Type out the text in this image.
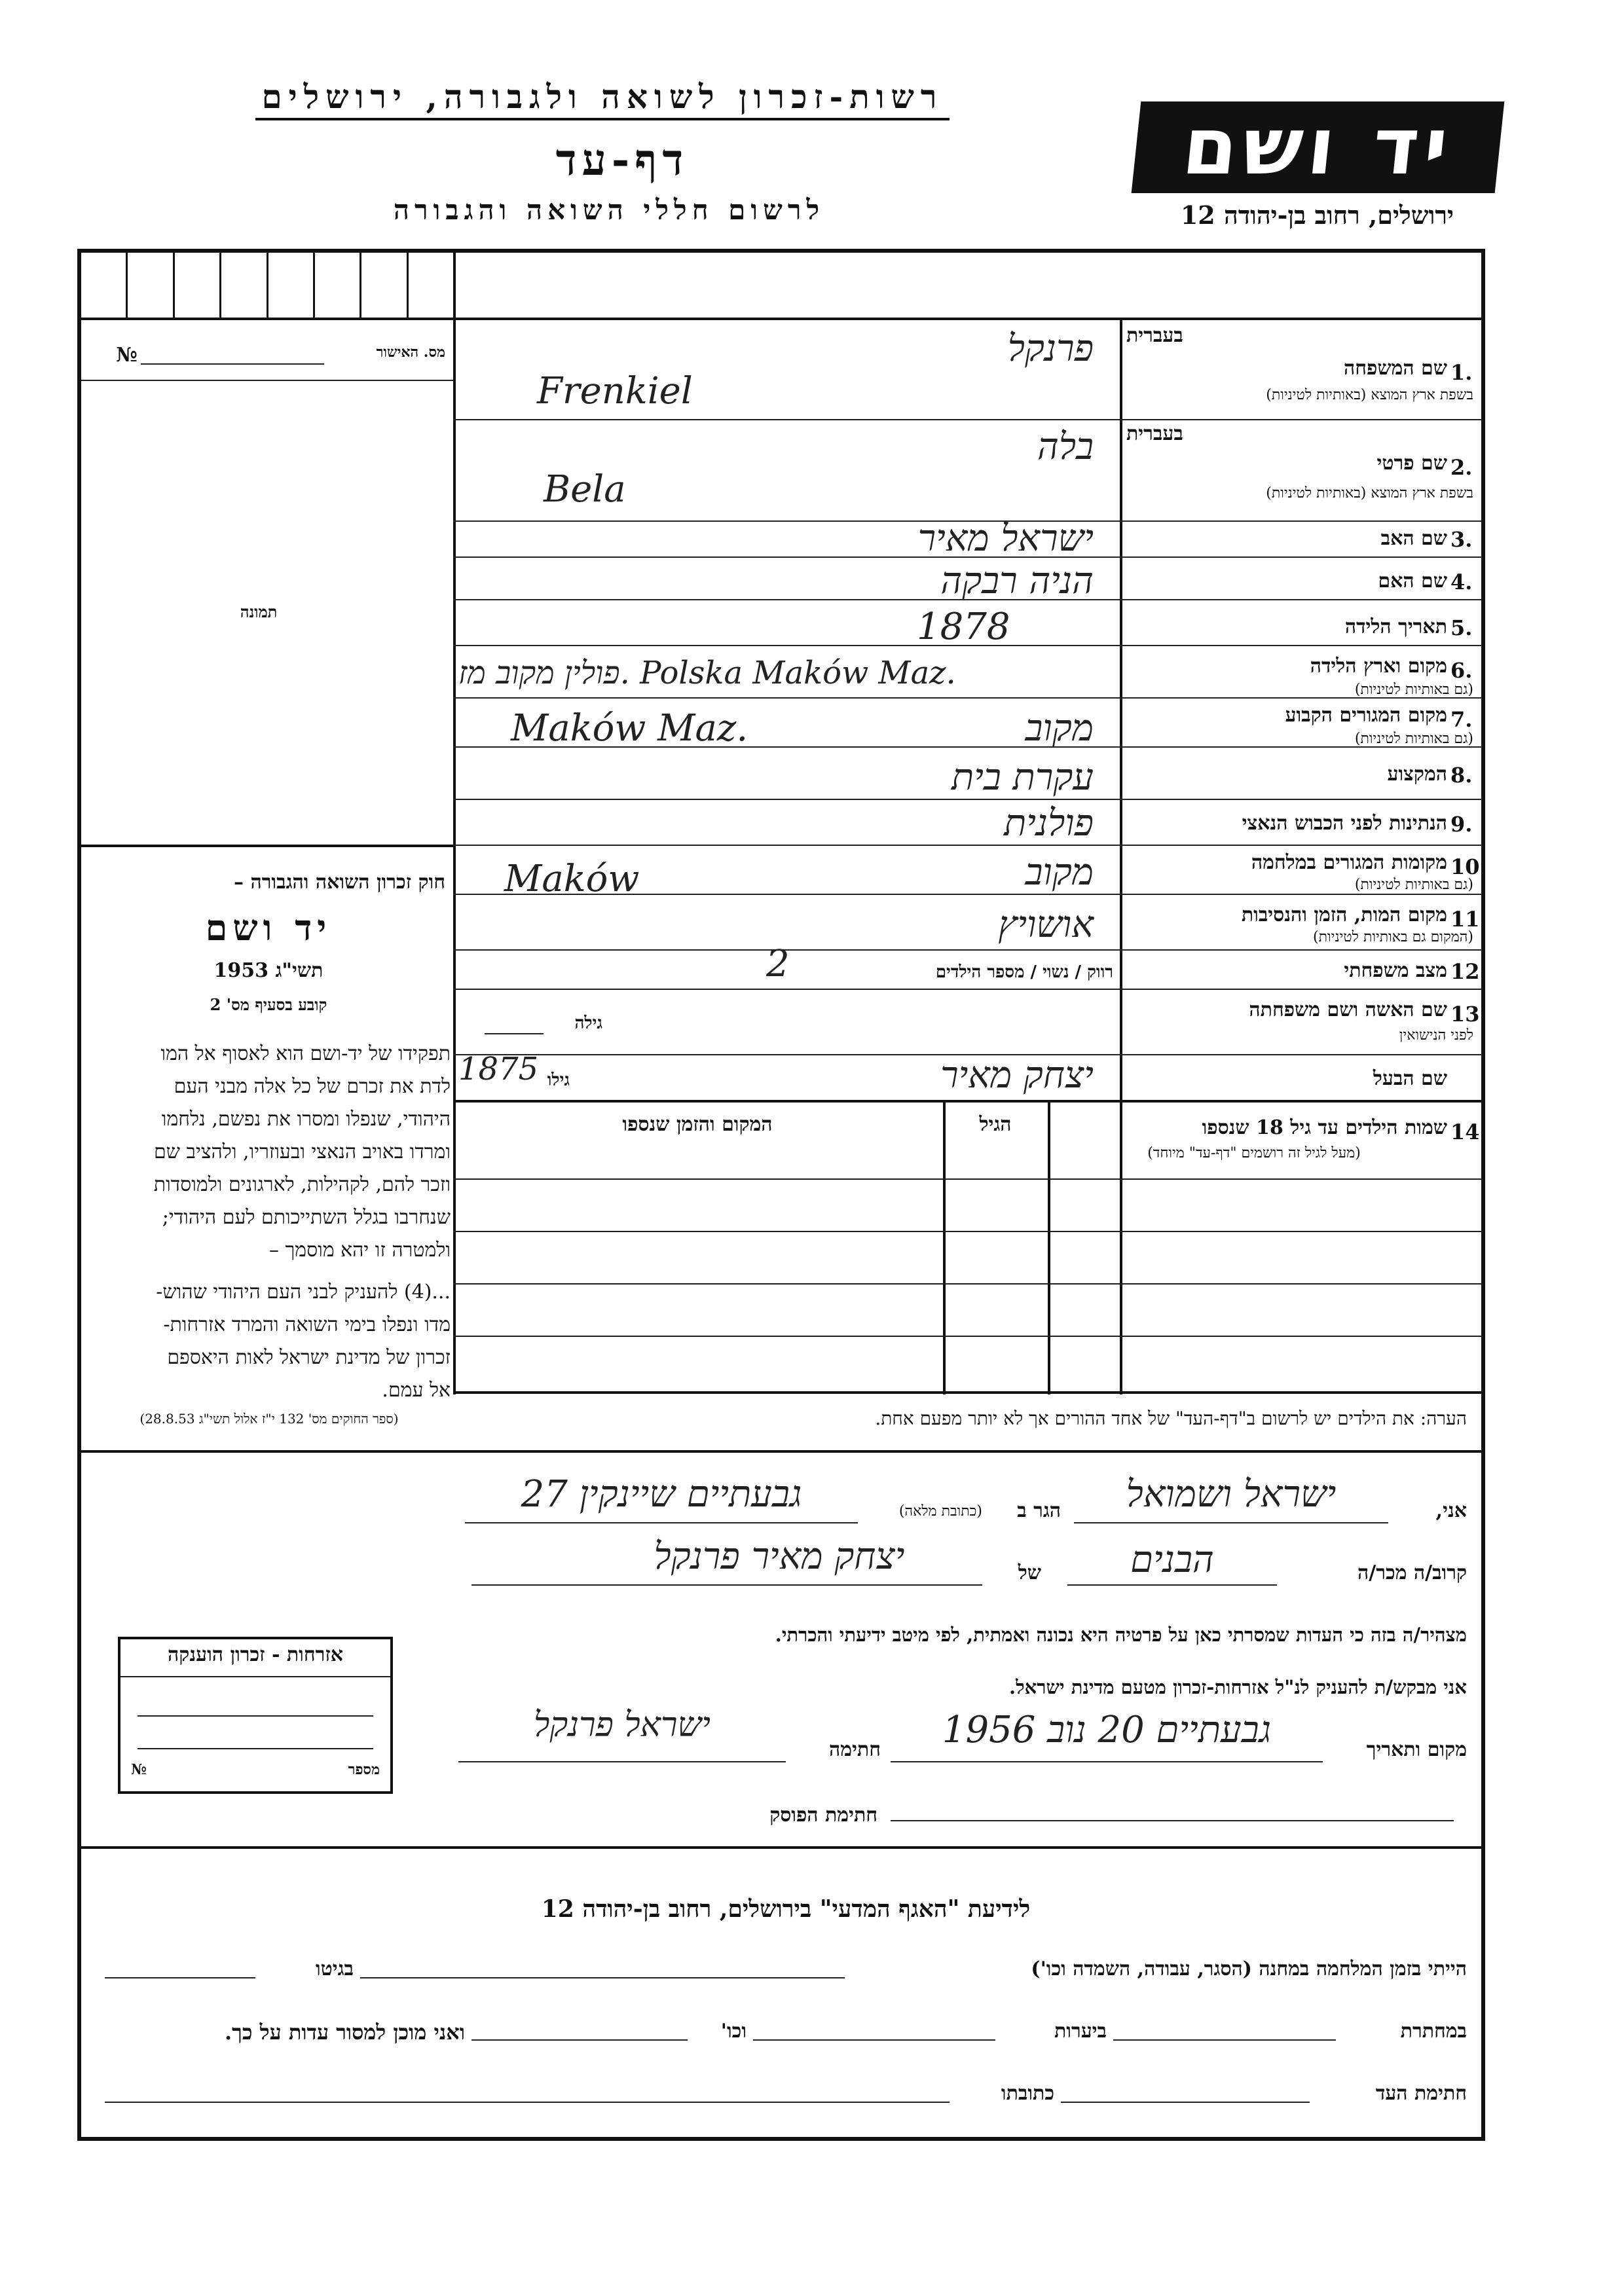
רשות-זכרון לשואה ולגבורה, ירושלים
דף-עד
לרשום חללי השואה והגבורה
יד ושם
ירושלים, רחוב בן-יהודה 12
№	מס. האישור
תמונה
חוק זכרון השואה והגבורה –
יד ושם
תשי"ג 1953
קובע בסעיף מס' 2
תפקידו של יד-ושם הוא לאסוף אל המו
לדת את זכרם של כל אלה מבני העם
היהודי, שנפלו ומסרו את נפשם, נלחמו
ומרדו באויב הנאצי ובעוזריו, ולהציב שם
וזכר להם, לקהילות, לארגונים ולמוסדות
שנחרבו בגלל השתייכותם לעם היהודי;
ולמטרה זו יהא מוסמך –
...(4) להעניק לבני העם היהודי שהוש-
מדו ונפלו בימי השואה והמרד אזרחות-
זכרון של מדינת ישראל לאות היאספם
אל עמם.
(ספר החוקים מס' 132 י"ז אלול תשי"ג 28.8.53)
בעברית
1.
שם המשפחה
בשפת ארץ המוצא (באותיות לטיניות)
פרנקל
Frenkiel
בעברית
2.
שם פרטי
בשפת ארץ המוצא (באותיות לטיניות)
בלה
Bela
3.
שם האב
ישראל מאיר
4.
שם האם
הניה רבקה
5.
תאריך הלידה
1878
6.
מקום וארץ הלידה
(גם באותיות לטיניות)
פולין מקוב מז. Polska Maków Maz.
7.
מקום המגורים הקבוע
(גם באותיות לטיניות)
מקוב
Maków Maz.
8.
המקצוע
עקרת בית
9.
הנתינות לפני הכבוש הנאצי
פולנית
10.
מקומות המגורים במלחמה
(גם באותיות לטיניות)
מקוב
Maków
11.
מקום המות, הזמן והנסיבות
(המקום גם באותיות לטיניות)
אושויץ
12.
מצב משפחתי
רווק / נשוי / מספר הילדים
2
13.
שם האשה ושם משפחתה
לפני הנישואין
גילה
שם הבעל
יצחק מאיר
גילו
1875
14.
שמות הילדים עד גיל 18 שנספו
(מעל לגיל זה רושמים "דף-עד" מיוחד)
הגיל
המקום והזמן שנספו
הערה: את הילדים יש לרשום ב"דף-העד" של אחד ההורים אך לא יותר מפעם אחת.
אני,
ישראל ושמואל
הגר ב
(כתובת מלאה)
גבעתיים שיינקין 27
קרוב/ה מכר/ה
הבנים
של
יצחק מאיר פרנקל
מצהיר/ה בזה כי העדות שמסרתי כאן על פרטיה היא נכונה ואמתית, לפי מיטב ידיעתי והכרתי.
אני מבקש/ת להעניק לנ"ל אזרחות-זכרון מטעם מדינת ישראל.
מקום ותאריך
גבעתיים 20 נוב 1956
חתימה
ישראל פרנקל
חתימת הפוסק
אזרחות - זכרון הוענקה
מספר
№
לידיעת "האגף המדעי" בירושלים, רחוב בן-יהודה 12
הייתי בזמן המלחמה במחנה (הסגר, עבודה, השמדה וכו')
בגיטו
במחתרת
ביערות
וכו'
ואני מוכן למסור עדות על כך.
חתימת העד
כתובתו
